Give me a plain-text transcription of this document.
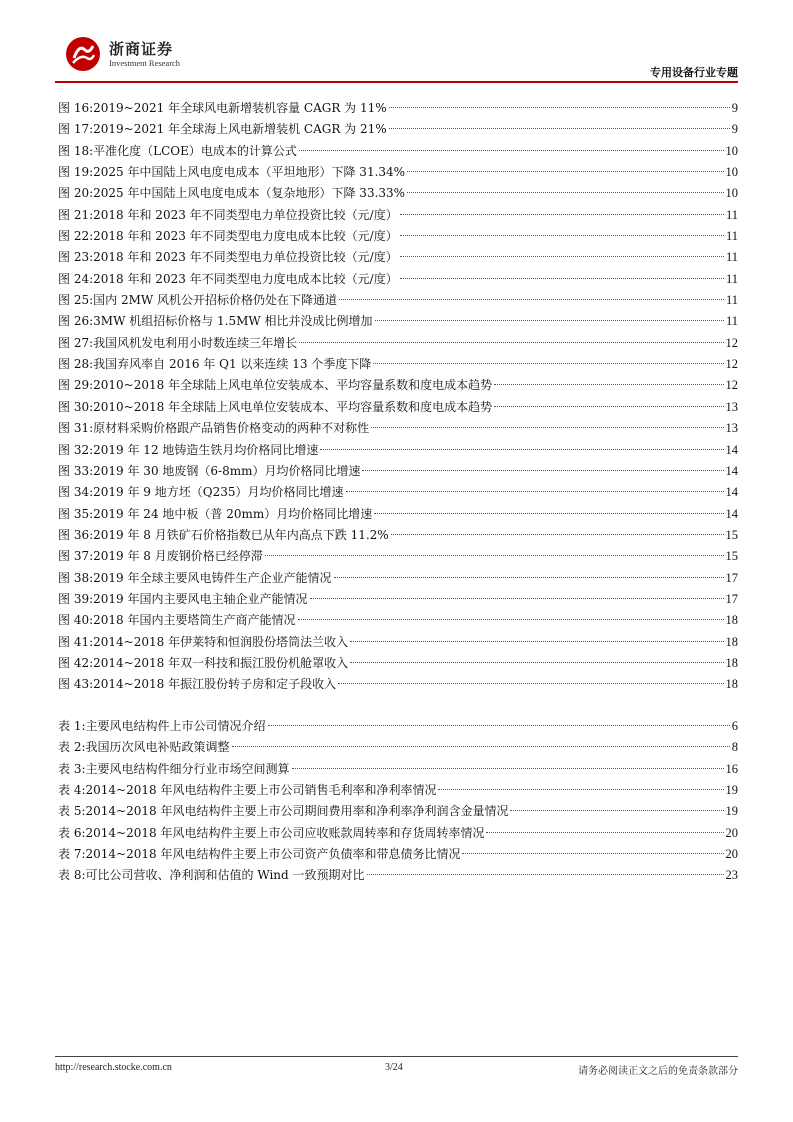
浙商证券
Investment Research
专用设备行业专题
图 16: 2019~2021 年全球风电新增装机容量 CAGR 为 11%	9
图 17: 2019~2021 年全球海上风电新增装机 CAGR 为 21%	9
图 18: 平准化度（LCOE）电成本的计算公式	10
图 19: 2025 年中国陆上风电度电成本（平坦地形）下降 31.34%	10
图 20: 2025 年中国陆上风电度电成本（复杂地形）下降 33.33%	10
图 21: 2018 年和 2023 年不同类型电力单位投资比较（元/度）	11
图 22: 2018 年和 2023 年不同类型电力度电成本比较（元/度）	11
图 23: 2018 年和 2023 年不同类型电力单位投资比较（元/度）	11
图 24: 2018 年和 2023 年不同类型电力度电成本比较（元/度）	11
图 25: 国内 2MW 风机公开招标价格仍处在下降通道	11
图 26: 3MW 机组招标价格与 1.5MW 相比并没成比例增加	11
图 27: 我国风机发电利用小时数连续三年增长	12
图 28: 我国弃风率自 2016 年 Q1 以来连续 13 个季度下降	12
图 29: 2010~2018 年全球陆上风电单位安装成本、平均容量系数和度电成本趋势	12
图 30: 2010~2018 年全球陆上风电单位安装成本、平均容量系数和度电成本趋势	13
图 31: 原材料采购价格跟产品销售价格变动的两种不对称性	13
图 32: 2019 年 12 地铸造生铁月均价格同比增速	14
图 33: 2019 年 30 地废钢（6-8mm）月均价格同比增速	14
图 34: 2019 年 9 地方坯（Q235）月均价格同比增速	14
图 35: 2019 年 24 地中板（普 20mm）月均价格同比增速	14
图 36: 2019 年 8 月铁矿石价格指数已从年内高点下跌 11.2%	15
图 37: 2019 年 8 月废钢价格已经停滞	15
图 38: 2019 年全球主要风电铸件生产企业产能情况	17
图 39: 2019 年国内主要风电主轴企业产能情况	17
图 40: 2018 年国内主要塔筒生产商产能情况	18
图 41: 2014~2018 年伊莱特和恒润股份塔筒法兰收入	18
图 42: 2014~2018 年双一科技和振江股份机舱罩收入	18
图 43: 2014~2018 年振江股份转子房和定子段收入	18
表 1: 主要风电结构件上市公司情况介绍	6
表 2: 我国历次风电补贴政策调整	8
表 3: 主要风电结构件细分行业市场空间测算	16
表 4: 2014~2018 年风电结构件主要上市公司销售毛利率和净利率情况	19
表 5: 2014~2018 年风电结构件主要上市公司期间费用率和净利率净利润含金量情况	19
表 6: 2014~2018 年风电结构件主要上市公司应收账款周转率和存货周转率情况	20
表 7: 2014~2018 年风电结构件主要上市公司资产负债率和带息债务比情况	20
表 8: 可比公司营收、净利润和估值的 Wind 一致预期对比	23
http://research.stocke.com.cn	3/24	请务必阅读正文之后的免责条款部分
